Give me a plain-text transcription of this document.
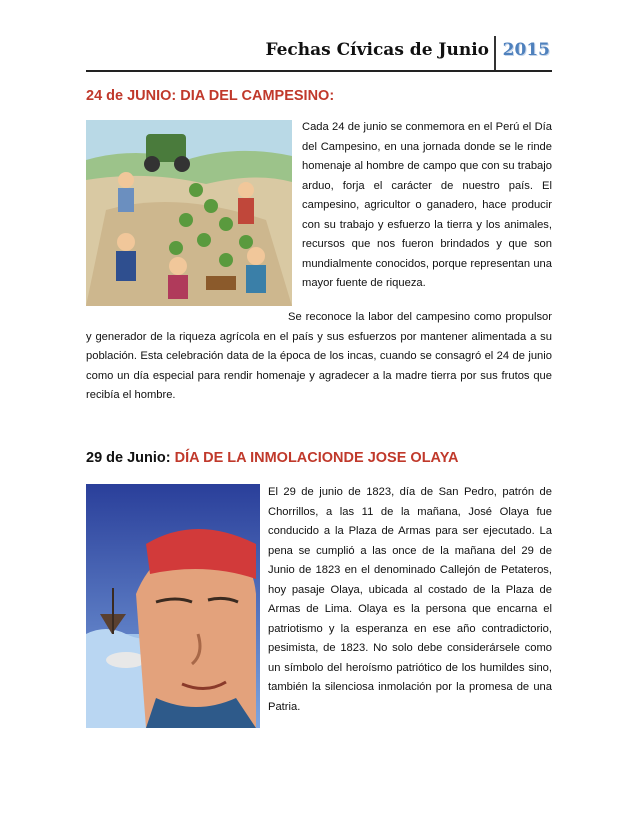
Fechas Cívicas de Junio 2015
24 de JUNIO: DIA DEL CAMPESINO:
Cada 24 de junio se conmemora en el Perú el Día del Campesino, en una jornada donde se le rinde homenaje al hombre de campo que con su trabajo arduo, forja el carácter de nuestro país. El campesino, agricultor o ganadero, hace producir con su trabajo y esfuerzo la tierra y los animales, recursos que nos fueron brindados y que son mundialmente conocidos, porque representan una mayor fuente de riqueza.
Se reconoce la labor del campesino como propulsor y generador de la riqueza agrícola en el país y sus esfuerzos por mantener alimentada a su población. Esta celebración data de la época de los incas, cuando se consagró el 24 de junio como un día especial para rendir homenaje y agradecer a la madre tierra por sus frutos que recibía el hombre.
29 de Junio: DÍA DE LA INMOLACIONDE JOSE OLAYA
El 29 de junio de 1823, día de San Pedro, patrón de Chorrillos, a las 11 de la mañana, José Olaya fue conducido a la Plaza de Armas para ser ejecutado. La pena se cumplió a las once de la mañana del 29 de Junio de 1823 en el denominado Callejón de Petateros, hoy pasaje Olaya, ubicada al costado de la Plaza de Armas de Lima. Olaya es la persona que encarna el patriotismo y la esperanza en ese año contradictorio, pesimista, de 1823. No solo debe considerársele como un símbolo del heroísmo patriótico de los humildes sino, también la silenciosa inmolación por la promesa de una Patria.
